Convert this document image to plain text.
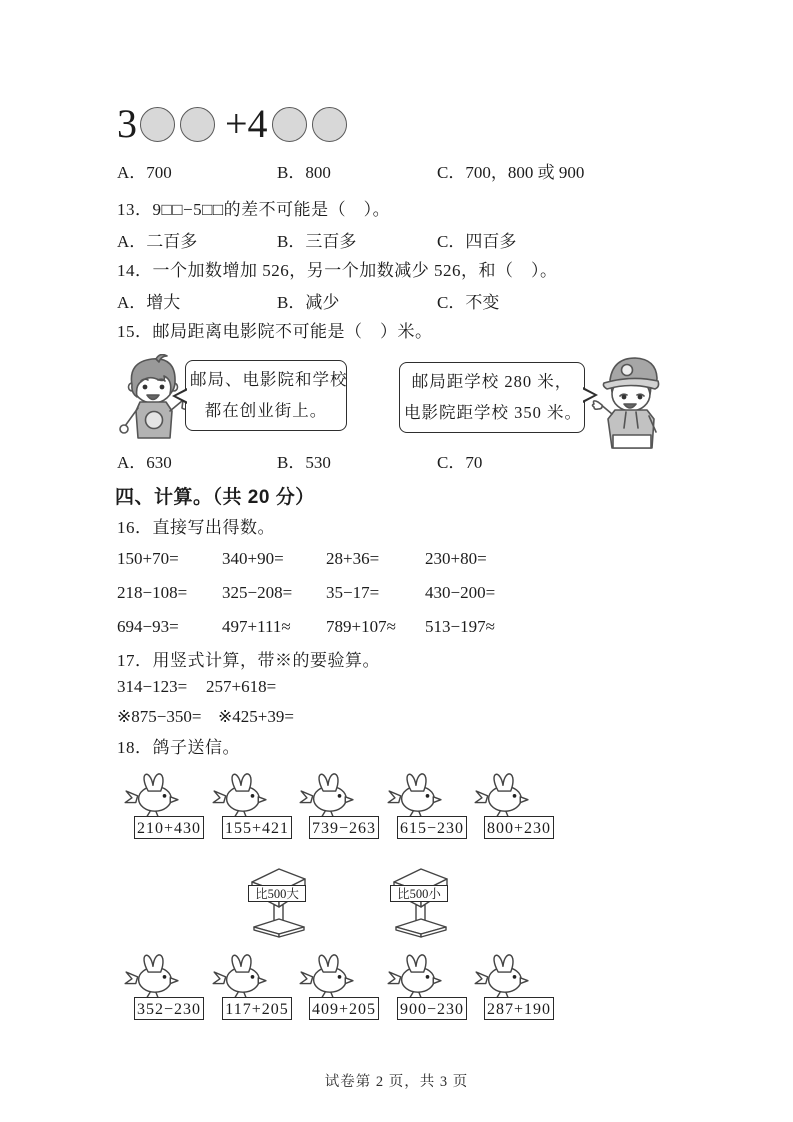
3 +4
A．700	B．800	C．700，800 或 900
13．9□□−5□□的差不可能是（　）。
A．二百多	B．三百多	C．四百多
14．一个加数增加 526，另一个加数减少 526，和（　）。
A．增大	B．减少	C．不变
15．邮局距离电影院不可能是（　）米。
邮局、电影院和学校
都在创业街上。
邮局距学校 280 米，
电影院距学校 350 米。
A．630	B．530	C．70
四、计算。（共 20 分）
16．直接写出得数。
150+70=	340+90=	28+36=	230+80=
218−108=	325−208=	35−17=	430−200=
694−93=	497+111≈	789+107≈	513−197≈
17．用竖式计算，带※的要验算。
314−123=	257+618=
※875−350= ※425+39=
18．鸽子送信。
210+430 155+421 739−263 615−230 800+230
比500大	比500小
352−230 117+205 409+205 900−230 287+190
试卷第 2 页，共 3 页
